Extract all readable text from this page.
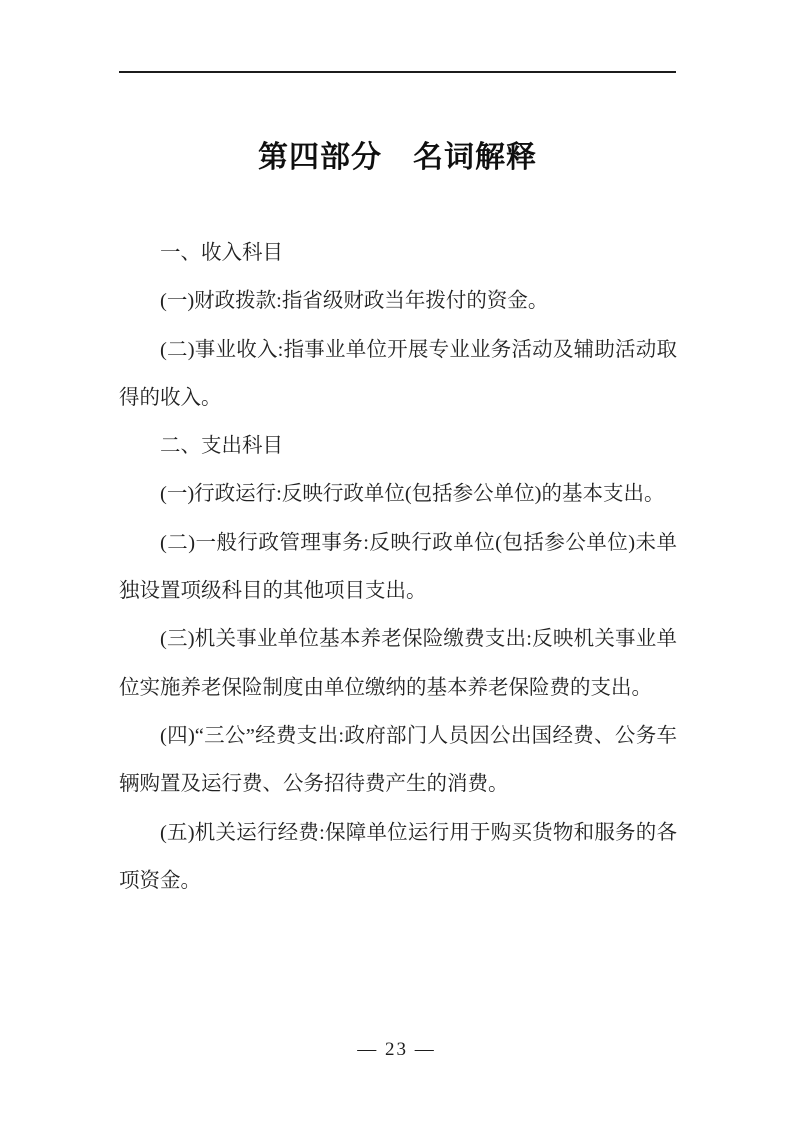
第四部分　名词解释

一、收入科目

(一)财政拨款:指省级财政当年拨付的资金。

(二)事业收入:指事业单位开展专业业务活动及辅助活动取得的收入。

二、支出科目

(一)行政运行:反映行政单位(包括参公单位)的基本支出。

(二)一般行政管理事务:反映行政单位(包括参公单位)未单独设置项级科目的其他项目支出。

(三)机关事业单位基本养老保险缴费支出:反映机关事业单位实施养老保险制度由单位缴纳的基本养老保险费的支出。

(四)“三公”经费支出:政府部门人员因公出国经费、公务车辆购置及运行费、公务招待费产生的消费。

(五)机关运行经费:保障单位运行用于购买货物和服务的各项资金。

— 23 —
